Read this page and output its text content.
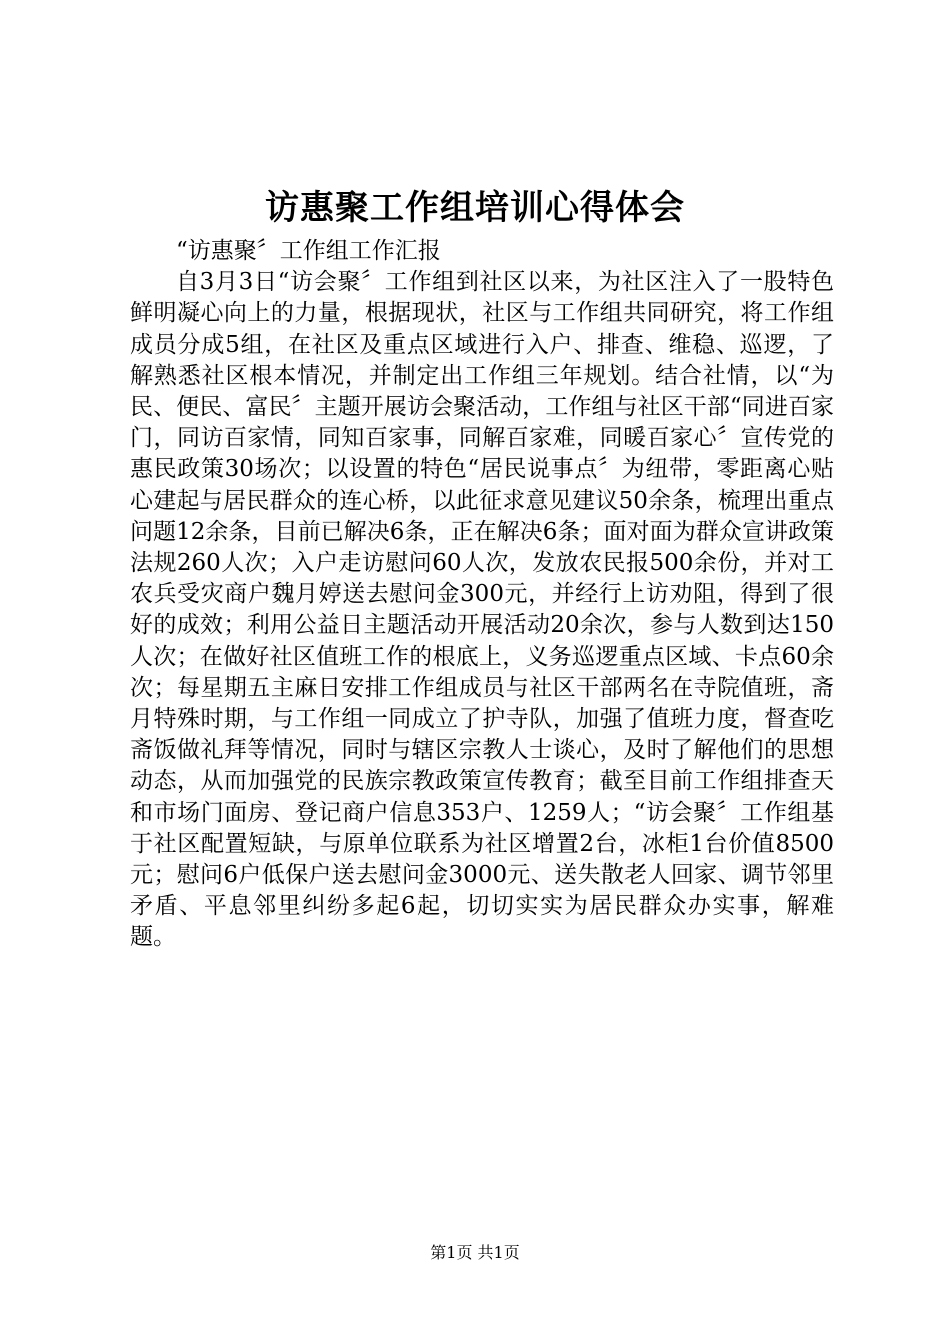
访惠聚工作组培训心得体会

“访惠聚〞工作组工作汇报

自3月3日“访会聚〞工作组到社区以来，为社区注入了一股特色鲜明凝心向上的力量，根据现状，社区与工作组共同研究，将工作组成员分成5组，在社区及重点区域进行入户、排查、维稳、巡逻，了解熟悉社区根本情况，并制定出工作组三年规划。结合社情，以“为民、便民、富民〞主题开展访会聚活动，工作组与社区干部“同进百家门，同访百家情，同知百家事，同解百家难，同暖百家心〞宣传党的惠民政策30场次；以设置的特色“居民说事点〞为纽带，零距离心贴心建起与居民群众的连心桥，以此征求意见建议50余条，梳理出重点问题12余条，目前已解决6条，正在解决6条；面对面为群众宣讲政策法规260人次；入户走访慰问60人次，发放农民报500余份，并对工农兵受灾商户魏月婷送去慰问金300元，并经行上访劝阻，得到了很好的成效；利用公益日主题活动开展活动20余次，参与人数到达150人次；在做好社区值班工作的根底上，义务巡逻重点区域、卡点60余次；每星期五主麻日安排工作组成员与社区干部两名在寺院值班，斋月特殊时期，与工作组一同成立了护寺队，加强了值班力度，督查吃斋饭做礼拜等情况，同时与辖区宗教人士谈心，及时了解他们的思想动态，从而加强党的民族宗教政策宣传教育；截至目前工作组排查天和市场门面房、登记商户信息353户、1259人；“访会聚〞工作组基于社区配置短缺，与原单位联系为社区增置2台，冰柜1台价值8500元；慰问6户低保户送去慰问金3000元、送失散老人回家、调节邻里矛盾、平息邻里纠纷多起6起，切切实实为居民群众办实事，解难题。

第1页 共1页
